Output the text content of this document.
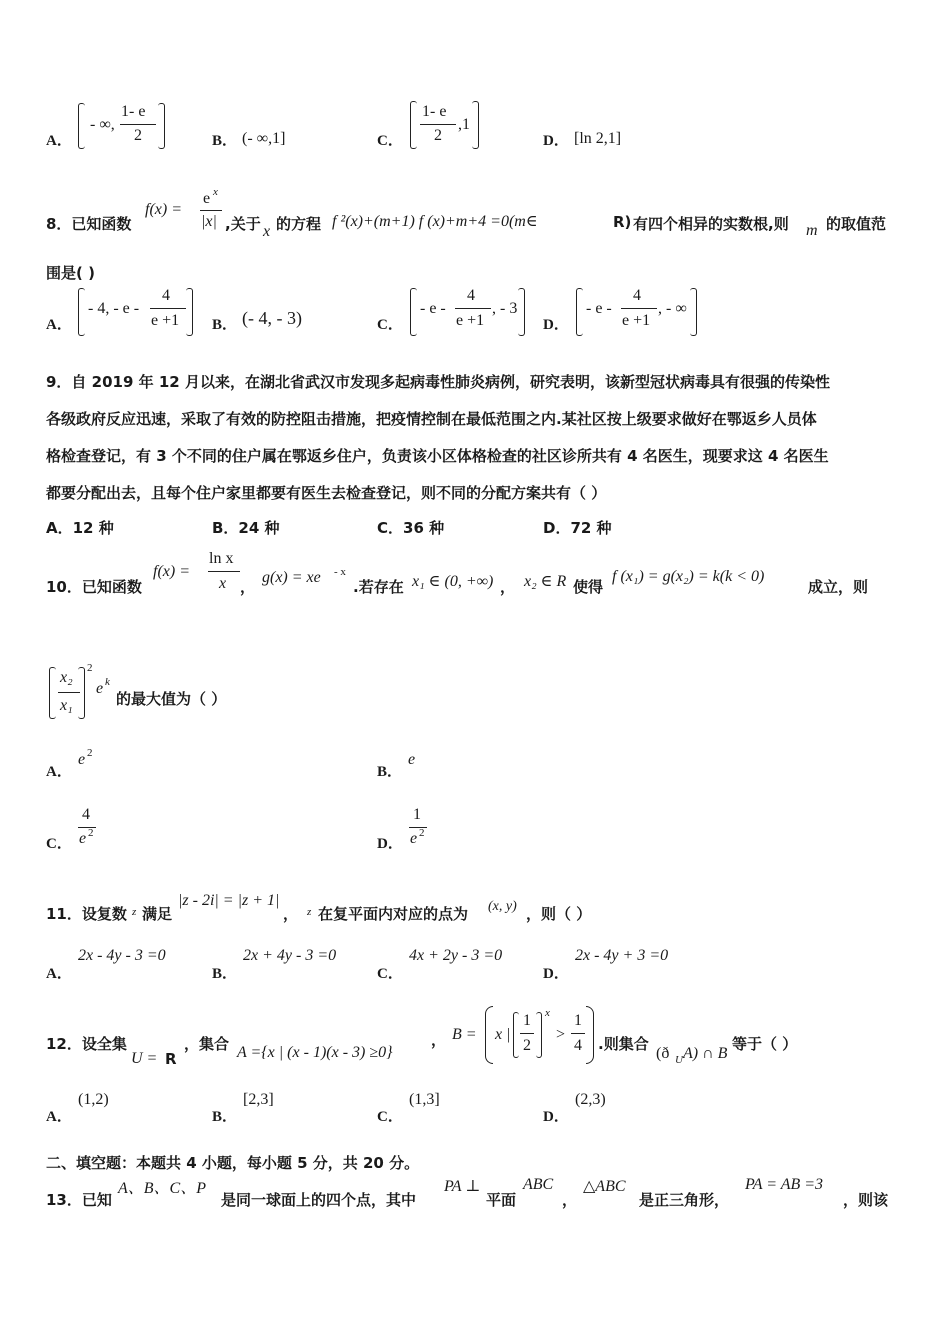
A．
- ∞,
1- e
2	B． (- ∞,1]	C．
1- e
2
,1
D． [ln 2,1]
8．已知函数
f(x) =
e x
|x| ,关于 x 的方程 f ²(x)+(m+1) f (x)+m+4 =0(m∈	R) 有四个相异的实数根,则 m 的取值范
围是( )
A．
- 4, - e -
4
e +1 B． (- 4, - 3)	C．
- e -
4
e +1
, - 3
D．
- e -
4
e +1
, - ∞
9．自 2019 年 12 月以来，在湖北省武汉市发现多起病毒性肺炎病例，研究表明，该新型冠状病毒具有很强的传染性
各级政府反应迅速，采取了有效的防控阻击措施，把疫情控制在最低范围之内.某社区按上级要求做好在鄂返乡人员体
格检查登记，有 3 个不同的住户属在鄂返乡住户，负责该小区体格检查的社区诊所共有 4 名医生，现要求这 4 名医生
都要分配出去，且每个住户家里都要有医生去检查登记，则不同的分配方案共有（ ）
A．12 种	B．24 种	C．36 种	D．72 种
10．已知函数
f(x) =
ln x
x ，
g(x) = xe - x
.若存在 x₁ ∈ (0, +∞) ， x₂ ∈ R 使得
f (x₁) = g(x₂) = k(k < 0)
成立，则
x₂
x₁
2
e k
的最大值为（ ）
A．
e 2
B．
e
C．
4
e 2
D．
1
e 2
11．设复数 z 满足
|z - 2i| = |z + 1|
， z 在复平面内对应的点为 (x, y) ，则（ ）
A．
2x - 4y - 3 =0
B．
2x + 4y - 3 =0
C．
4x + 2y - 3 =0
D．
2x - 4y + 3 =0
12．设全集
U = R
，集合 A ={x | (x - 1)(x - 3) ≥0}
， B = x |
1
2
x
>
1
4 .则集合
(ð U A) ∩ B
等于（ ）
A．
(1,2)
B．
[2,3]
C．
(1,3]
D．
(2,3)
二、填空题：本题共 4 小题，每小题 5 分，共 20 分。
13．已知
A、B、C、P
是同一球面上的四个点，其中
PA ⊥
平面
ABC
，
△ABC
是正三角形，
PA = AB =3
，则该
